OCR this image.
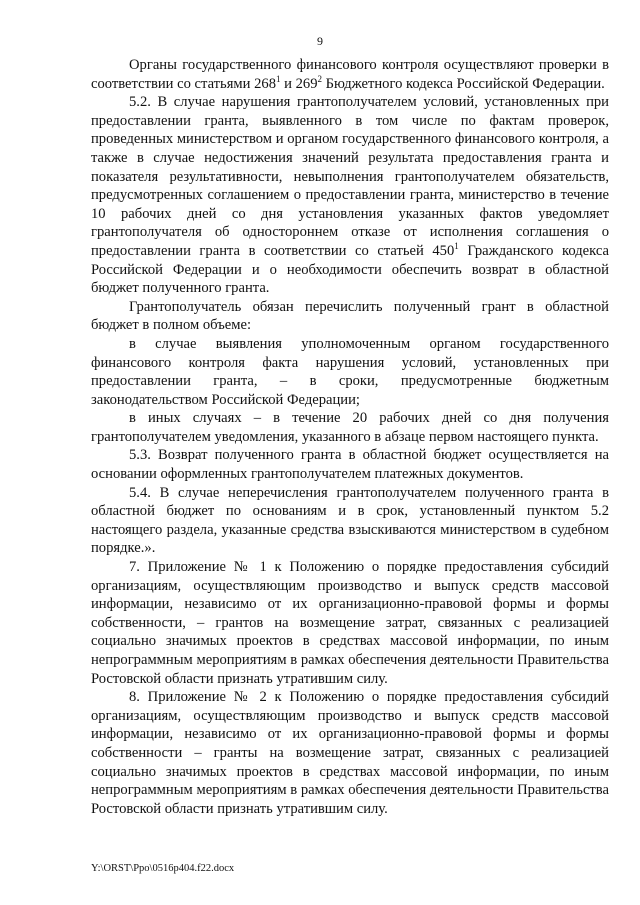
9

Органы государственного финансового контроля осуществляют проверки в соответствии со статьями $268^1$ и $269^2$ Бюджетного кодекса Российской Федерации.

5.2. В случае нарушения грантополучателем условий, установленных при предоставлении гранта, выявленного в том числе по фактам проверок, проведенных министерством и органом государственного финансового контроля, а также в случае недостижения значений результата предоставления гранта и показателя результативности, невыполнения грантополучателем обязательств, предусмотренных соглашением о предоставлении гранта, министерство в течение 10 рабочих дней со дня установления указанных фактов уведомляет грантополучателя об одностороннем отказе от исполнения соглашения о предоставлении гранта в соответствии со статьей $450^1$ Гражданского кодекса Российской Федерации и о необходимости обеспечить возврат в областной бюджет полученного гранта.

Грантополучатель обязан перечислить полученный грант в областной бюджет в полном объеме:

в случае выявления уполномоченным органом государственного финансового контроля факта нарушения условий, установленных при предоставлении гранта, – в сроки, предусмотренные бюджетным законодательством Российской Федерации;

в иных случаях – в течение 20 рабочих дней со дня получения грантополучателем уведомления, указанного в абзаце первом настоящего пункта.

5.3. Возврат полученного гранта в областной бюджет осуществляется на основании оформленных грантополучателем платежных документов.

5.4. В случае неперечисления грантополучателем полученного гранта в областной бюджет по основаниям и в срок, установленный пунктом 5.2 настоящего раздела, указанные средства взыскиваются министерством в судебном порядке.».

7. Приложение № 1 к Положению о порядке предоставления субсидий организациям, осуществляющим производство и выпуск средств массовой информации, независимо от их организационно-правовой формы и формы собственности, – грантов на возмещение затрат, связанных с реализацией социально значимых проектов в средствах массовой информации, по иным непрограммным мероприятиям в рамках обеспечения деятельности Правительства Ростовской области признать утратившим силу.

8. Приложение № 2 к Положению о порядке предоставления субсидий организациям, осуществляющим производство и выпуск средств массовой информации, независимо от их организационно-правовой формы и формы собственности – гранты на возмещение затрат, связанных с реализацией социально значимых проектов в средствах массовой информации, по иным непрограммным мероприятиям в рамках обеспечения деятельности Правительства Ростовской области признать утратившим силу.

Y:\ORST\Ppo\0516p404.f22.docx
